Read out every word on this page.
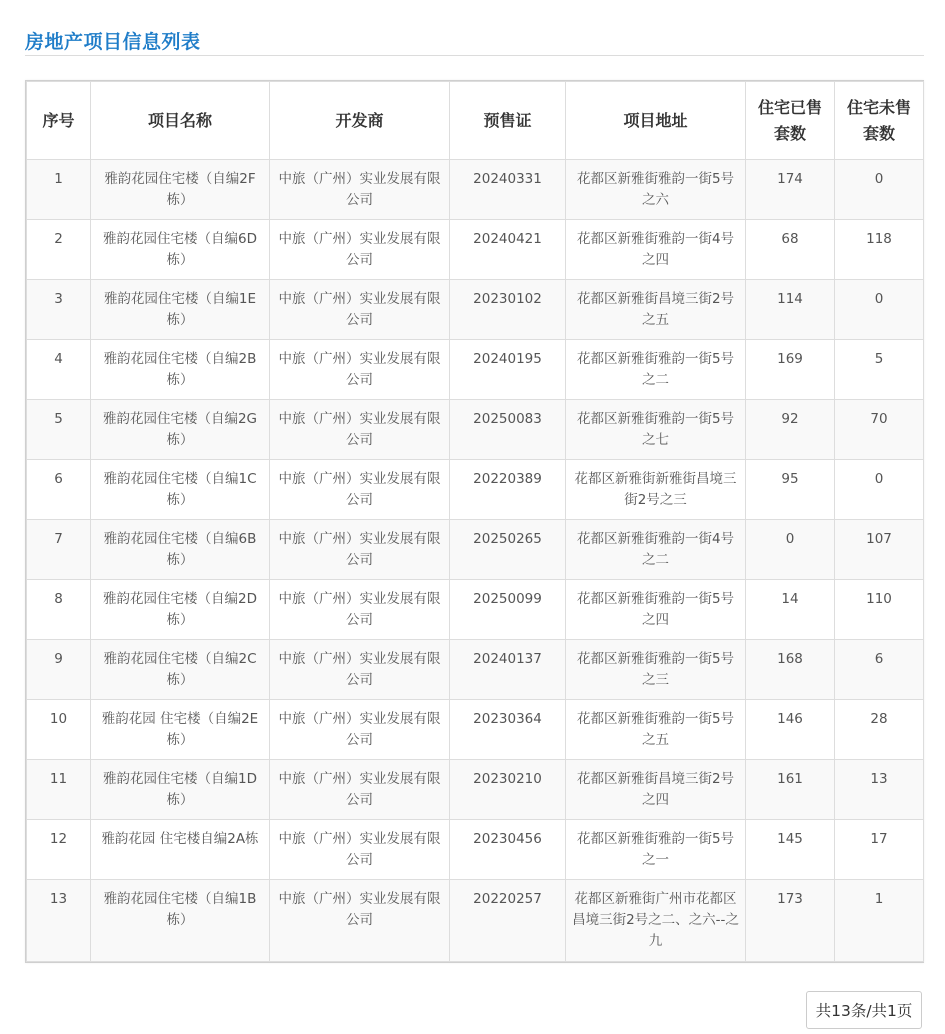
房地产项目信息列表
序号	项目名称	开发商	预售证	项目地址	住宅已售套数	住宅未售套数
1	雅韵花园住宅楼（自编2F栋）	中旅（广州）实业发展有限公司	20240331	花都区新雅街雅韵一街5号之六	174	0
2	雅韵花园住宅楼（自编6D栋）	中旅（广州）实业发展有限公司	20240421	花都区新雅街雅韵一街4号之四	68	118
3	雅韵花园住宅楼（自编1E栋）	中旅（广州）实业发展有限公司	20230102	花都区新雅街昌境三街2号之五	114	0
4	雅韵花园住宅楼（自编2B栋）	中旅（广州）实业发展有限公司	20240195	花都区新雅街雅韵一街5号之二	169	5
5	雅韵花园住宅楼（自编2G栋）	中旅（广州）实业发展有限公司	20250083	花都区新雅街雅韵一街5号之七	92	70
6	雅韵花园住宅楼（自编1C栋）	中旅（广州）实业发展有限公司	20220389	花都区新雅街新雅街昌境三街2号之三	95	0
7	雅韵花园住宅楼（自编6B栋）	中旅（广州）实业发展有限公司	20250265	花都区新雅街雅韵一街4号之二	0	107
8	雅韵花园住宅楼（自编2D栋）	中旅（广州）实业发展有限公司	20250099	花都区新雅街雅韵一街5号之四	14	110
9	雅韵花园住宅楼（自编2C栋）	中旅（广州）实业发展有限公司	20240137	花都区新雅街雅韵一街5号之三	168	6
10	雅韵花园 住宅楼（自编2E栋）	中旅（广州）实业发展有限公司	20230364	花都区新雅街雅韵一街5号之五	146	28
11	雅韵花园住宅楼（自编1D栋）	中旅（广州）实业发展有限公司	20230210	花都区新雅街昌境三街2号之四	161	13
12	雅韵花园 住宅楼自编2A栋	中旅（广州）实业发展有限公司	20230456	花都区新雅街雅韵一街5号之一	145	17
13	雅韵花园住宅楼（自编1B栋）	中旅（广州）实业发展有限公司	20220257	花都区新雅街广州市花都区昌境三街2号之二、之六--之九	173	1
共13条/共1页
